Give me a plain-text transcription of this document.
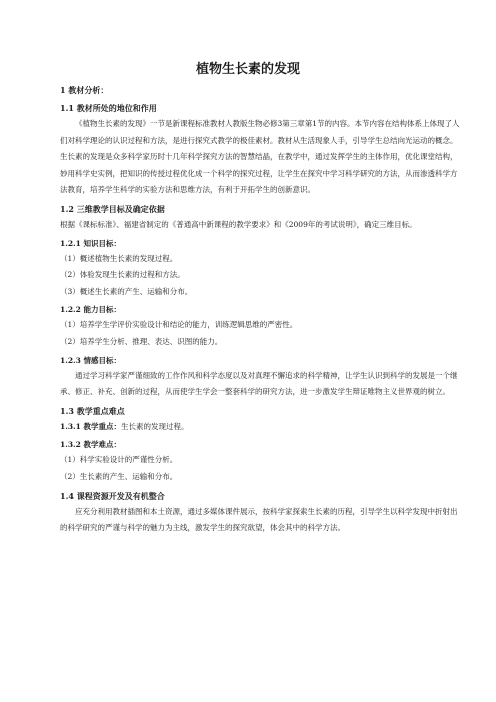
植物生长素的发现
1 教材分析：
1.1 教材所处的地位和作用

《植物生长素的发现》一节是新课程标准教材人教版生物必修3第三章第1节的内容。本节内容在结构体系上体现了人们对科学理论的认识过程和方法，是进行探究式教学的极佳素材。教材从生活现象人手，引导学生总结向光运动的概念。生长素的发现是众多科学家历时十几年科学探究方法的智慧结晶，在教学中，通过发挥学生的主体作用，优化课堂结构，妙用科学史实例，把知识的传授过程优化成一个科学的探究过程，让学生在探究中学习科学研究的方法，从而渗透科学方法教育，培养学生科学的实验方法和思维方法，有利于开拓学生的创新意识。

1.2 三维教学目标及确定依据

根据《课标标准》、福建省制定的《普通高中新课程的教学要求》和《2009年的考试说明》，确定三维目标。

1.2.1 知识目标：

（1）概述植物生长素的发现过程。

（2）体验发现生长素的过程和方法。

（3）概述生长素的产生、运输和分布。

1.2.2 能力目标：

（1）培养学生学评价实验设计和结论的能力，训练逻辑思维的严密性。

（2）培养学生分析、推理、表达、识图的能力。

1.2.3 情感目标：

通过学习科学家严谨细致的工作作风和科学态度以及对真理不懈追求的科学精神，让学生认识到科学的发展是一个继承、修正、补充、创新的过程，从而使学生学会一整套科学的研究方法，进一步激发学生辩证唯物主义世界观的树立。

1.3 教学重点难点

1.3.1 教学重点：生长素的发现过程。

1.3.2 教学难点：

（1）科学实验设计的严谨性分析。

（2）生长素的产生、运输和分布。

1.4 课程资源开发及有机整合

应充分利用教材插图和本土资源，通过多媒体课件展示，按科学家探索生长素的历程，引导学生以科学发现中折射出的科学研究的严谨与科学的魅力为主线，激发学生的探究欲望，体会其中的科学方法。
